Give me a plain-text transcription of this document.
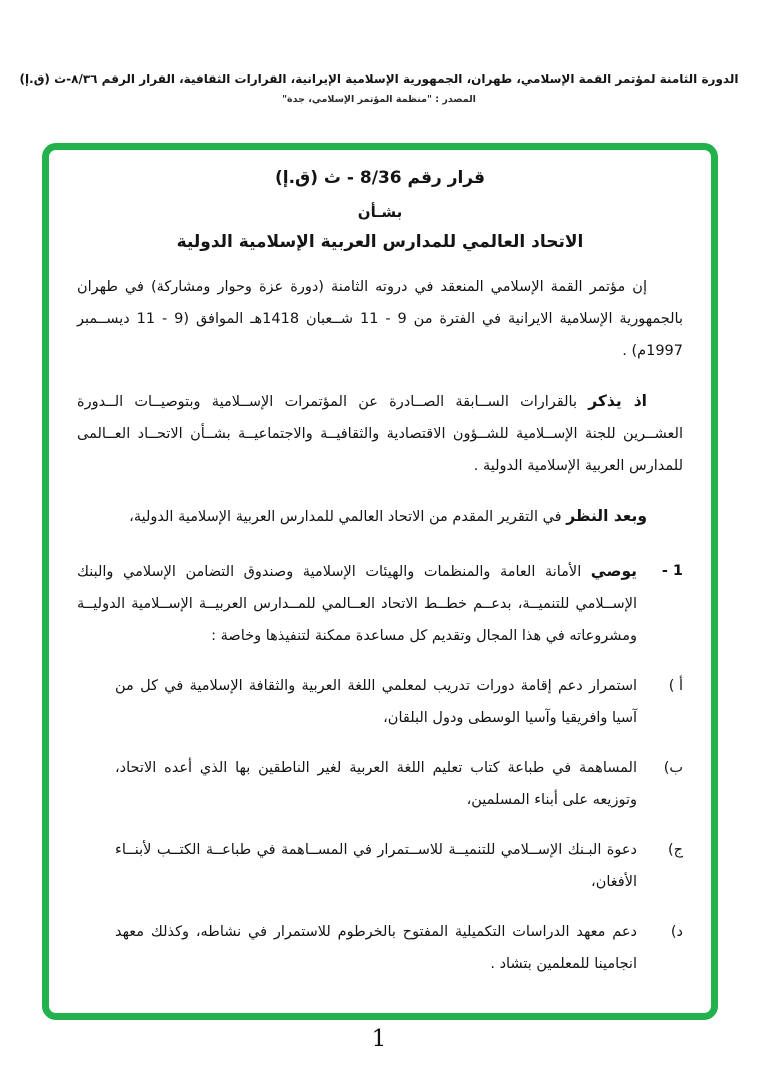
الدورة الثامنة لمؤتمر القمة الإسلامي، طهران، الجمهورية الإسلامية الإيرانية، القرارات الثقافية، القرار الرقم ٨/٣٦-ث (ق.إ)
المصدر : "منظمة المؤتمر الإسلامي، جدة"
قرار رقم 8/36 - ث (ق.إ)
بشـأن
الاتحاد العالمي للمدارس العربية الإسلامية الدولية

إن مؤتمر القمة الإسلامي المنعقد في دروته الثامنة (دورة عزة وحوار ومشاركة) في طهران بالجمهورية الإسلامية الايرانية في الفترة من 9 - 11 شــعبان 1418هـ الموافق (9 - 11 ديســمبر 1997م) .

اذ يذكر بالقرارات الســابقة الصــادرة عن المؤتمرات الإســلامية وبتوصيــات الــدورة العشــرين للجنة الإســلامية للشــؤون الاقتصادية والثقافيــة والاجتماعيــة بشــأن الاتحــاد العــالمى للمدارس العربية الإسلامية الدولية .

وبعد النظر في التقرير المقدم من الاتحاد العالمي للمدارس العربية الإسلامية الدولية،

1 -
يوصي الأمانة العامة والمنظمات والهيئات الإسلامية وصندوق التضامن الإسلامي والبنك الإســلامي للتنميــة، بدعــم خطــط الاتحاد العــالمي للمــدارس العربيــة الإســلامية الدوليــة ومشروعاته في هذا المجال وتقديم كل مساعدة ممكنة لتنفيذها وخاصة :
أ )
استمرار دعم إقامة دورات تدريب لمعلمي اللغة العربية والثقافة الإسلامية في كل من آسيا وافريقيا وآسيا الوسطى ودول البلقان،
ب)
المساهمة في طباعة كتاب تعليم اللغة العربية لغير الناطقين بها الذي أعده الاتحاد، وتوزيعه على أبناء المسلمين،
ج)
دعوة البـنك الإســلامي للتنميــة للاســتمرار في المســاهمة في طباعــة الكتــب لأبنــاء الأفغان،
د)
دعم معهد الدراسات التكميلية المفتوح بالخرطوم للاستمرار في نشاطه، وكذلك معهد انجامينا للمعلمين بتشاد .
1
